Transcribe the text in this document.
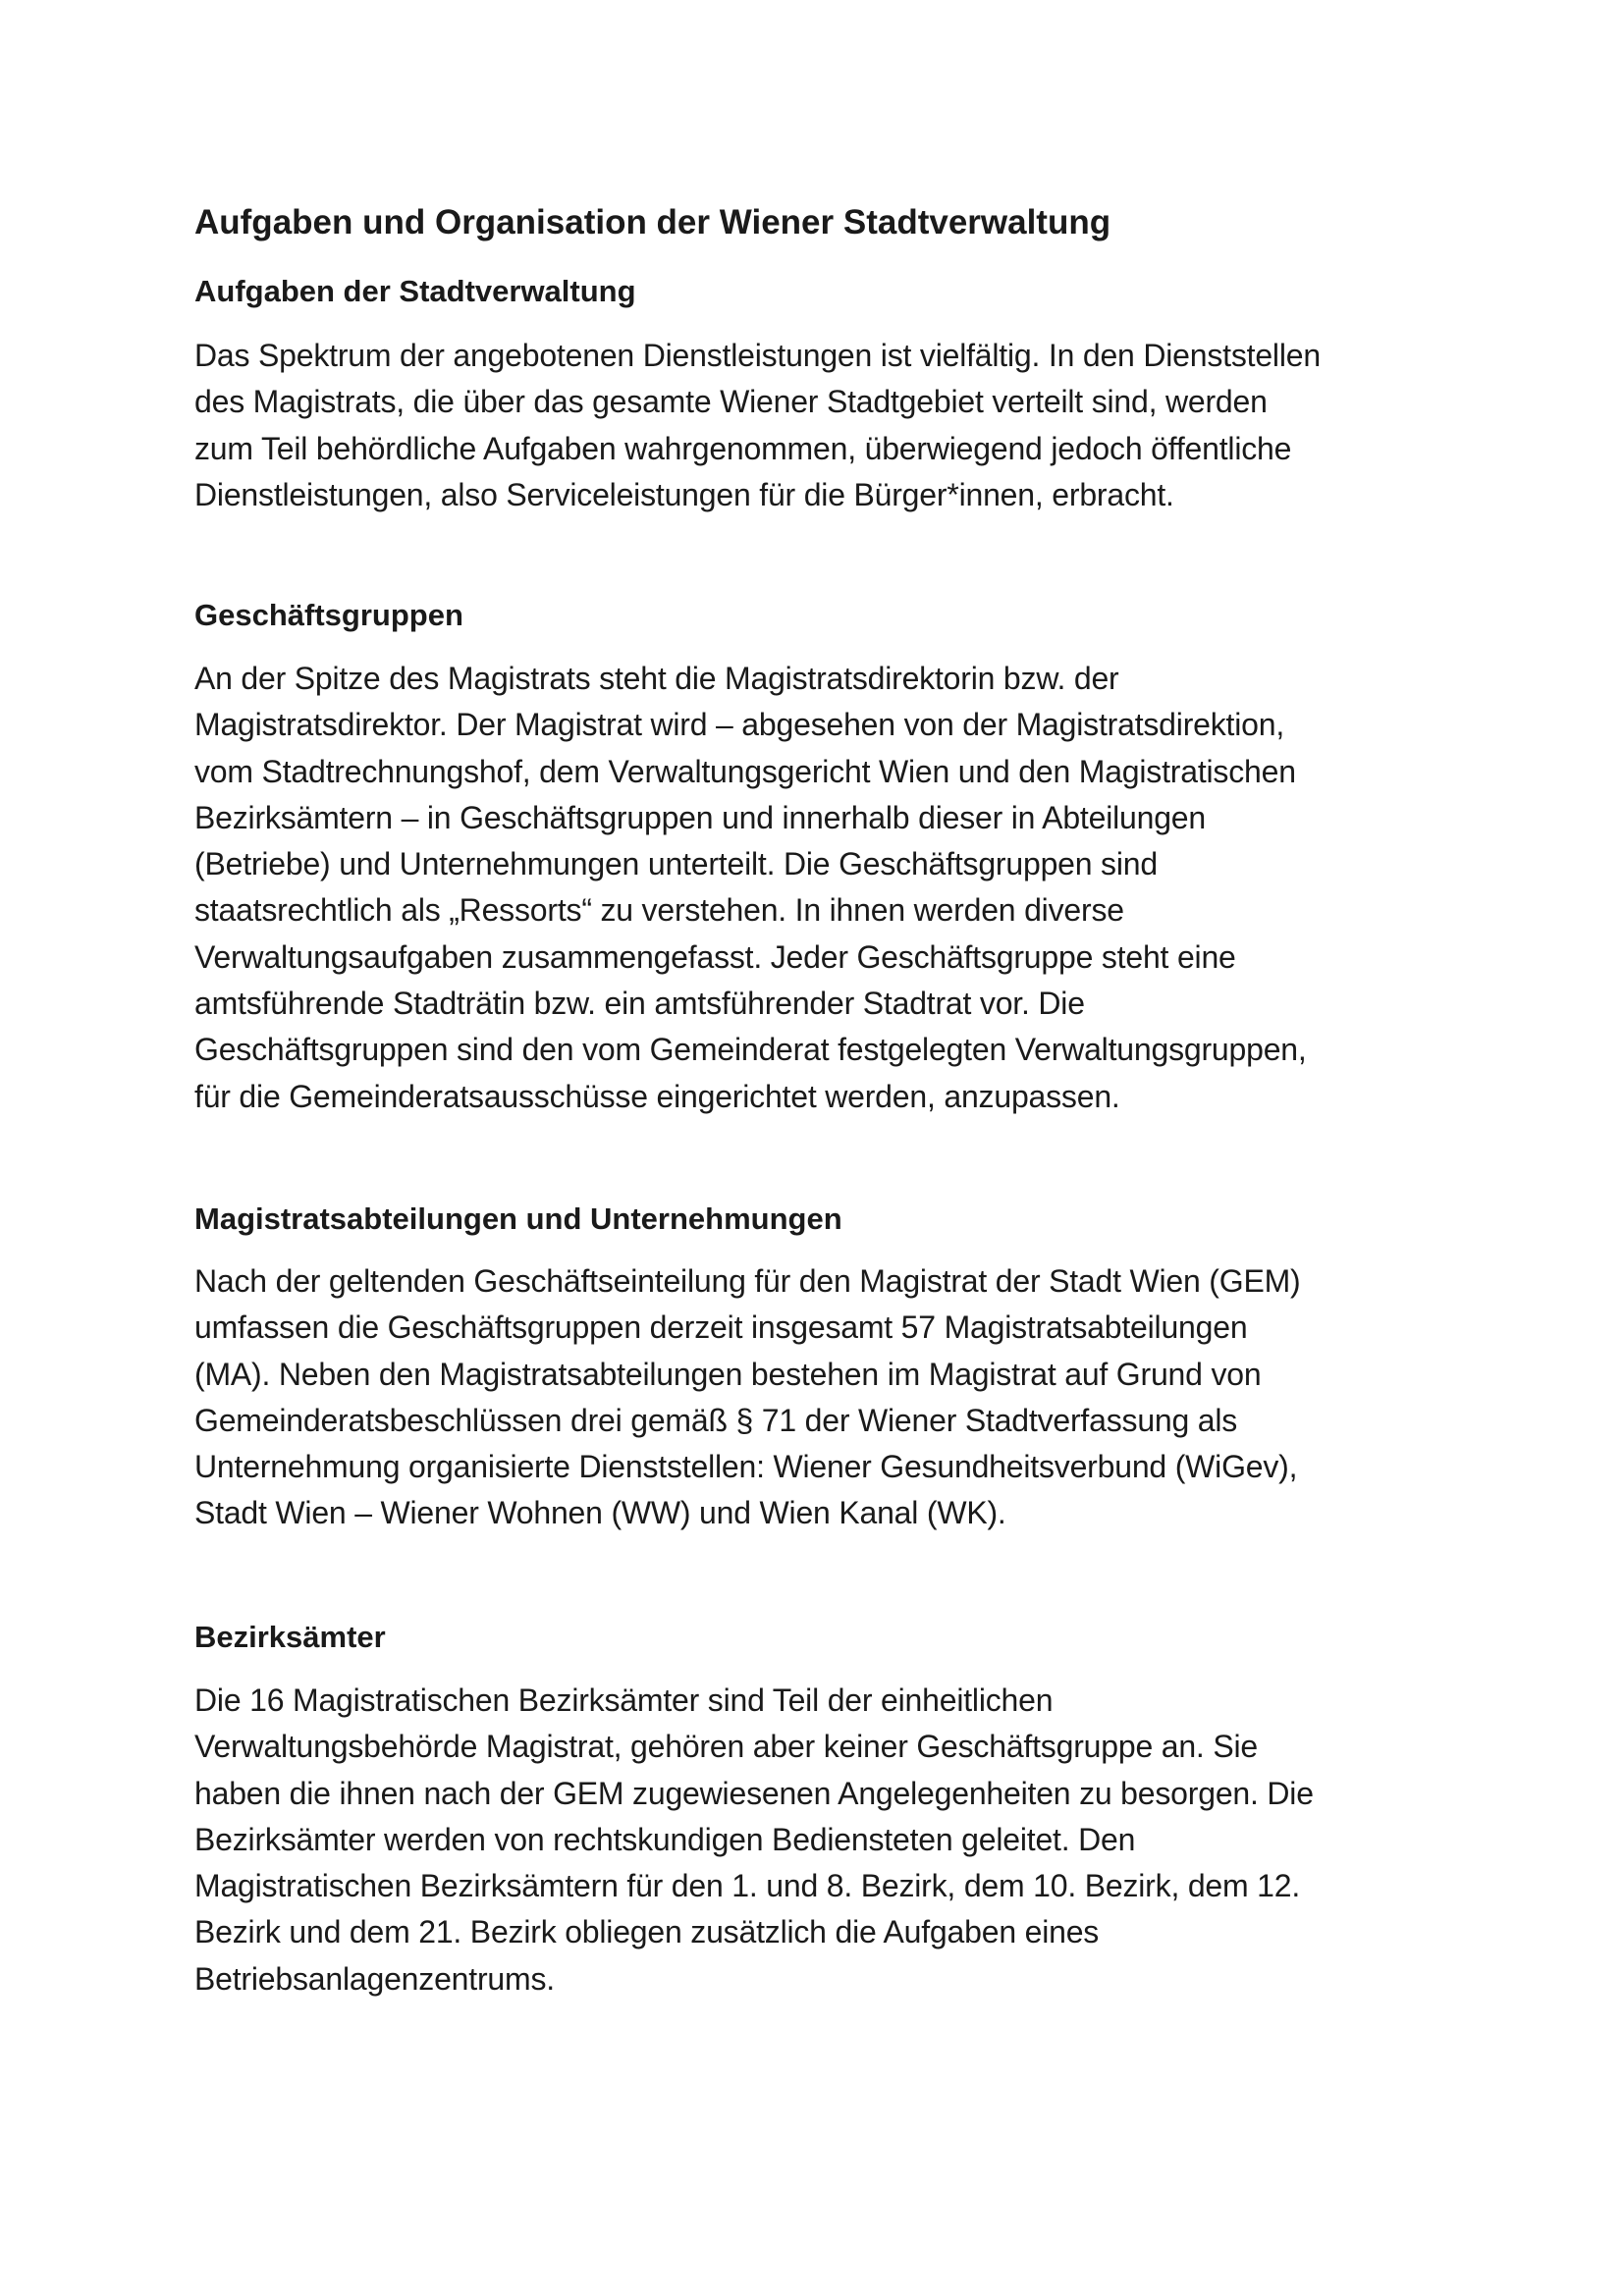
Aufgaben und Organisation der Wiener Stadtverwaltung
Aufgaben der Stadtverwaltung
Das Spektrum der angebotenen Dienstleistungen ist vielfältig. In den Dienststellen
des Magistrats, die über das gesamte Wiener Stadtgebiet verteilt sind, werden
zum Teil behördliche Aufgaben wahrgenommen, überwiegend jedoch öffentliche
Dienstleistungen, also Serviceleistungen für die Bürger*innen, erbracht.
Geschäftsgruppen
An der Spitze des Magistrats steht die Magistratsdirektorin bzw. der
Magistratsdirektor. Der Magistrat wird – abgesehen von der Magistratsdirektion,
vom Stadtrechnungshof, dem Verwaltungsgericht Wien und den Magistratischen
Bezirksämtern – in Geschäftsgruppen und innerhalb dieser in Abteilungen
(Betriebe) und Unternehmungen unterteilt. Die Geschäftsgruppen sind
staatsrechtlich als „Ressorts“ zu verstehen. In ihnen werden diverse
Verwaltungsaufgaben zusammengefasst. Jeder Geschäftsgruppe steht eine
amtsführende Stadträtin bzw. ein amtsführender Stadtrat vor. Die
Geschäftsgruppen sind den vom Gemeinderat festgelegten Verwaltungsgruppen,
für die Gemeinderatsausschüsse eingerichtet werden, anzupassen.
Magistratsabteilungen und Unternehmungen
Nach der geltenden Geschäftseinteilung für den Magistrat der Stadt Wien (GEM)
umfassen die Geschäftsgruppen derzeit insgesamt 57 Magistratsabteilungen
(MA). Neben den Magistratsabteilungen bestehen im Magistrat auf Grund von
Gemeinderatsbeschlüssen drei gemäß § 71 der Wiener Stadtverfassung als
Unternehmung organisierte Dienststellen: Wiener Gesundheitsverbund (WiGev),
Stadt Wien – Wiener Wohnen (WW) und Wien Kanal (WK).
Bezirksämter
Die 16 Magistratischen Bezirksämter sind Teil der einheitlichen
Verwaltungsbehörde Magistrat, gehören aber keiner Geschäftsgruppe an. Sie
haben die ihnen nach der GEM zugewiesenen Angelegenheiten zu besorgen. Die
Bezirksämter werden von rechtskundigen Bediensteten geleitet. Den
Magistratischen Bezirksämtern für den 1. und 8. Bezirk, dem 10. Bezirk, dem 12.
Bezirk und dem 21. Bezirk obliegen zusätzlich die Aufgaben eines
Betriebsanlagenzentrums.
